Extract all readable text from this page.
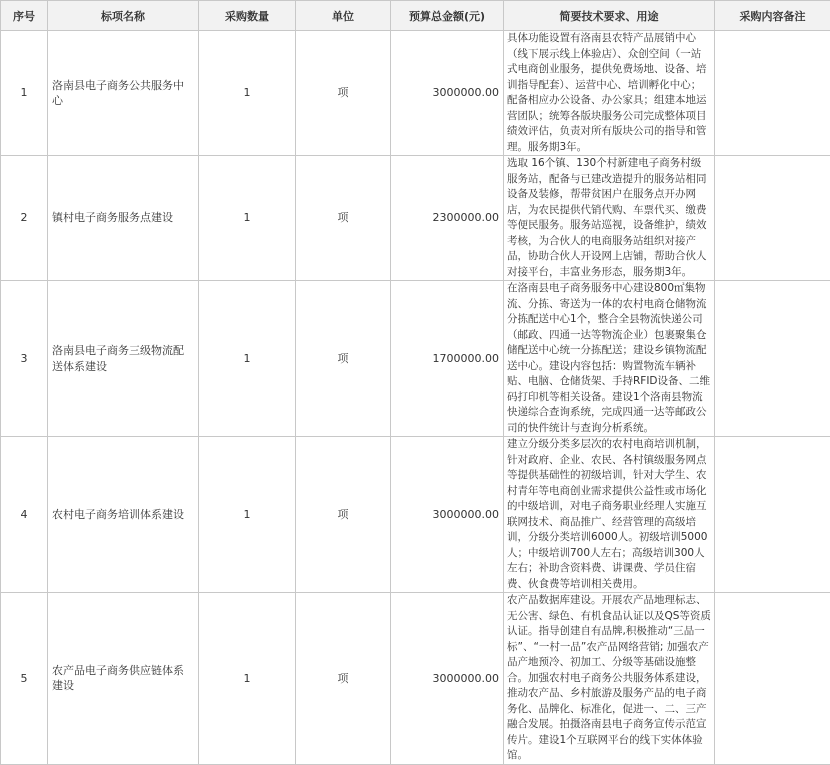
序号	标项名称	采购数量	单位	预算总金额(元)	简要技术要求、用途	采购内容备注
1	洛南县电子商务公共服务中心	1	项	3000000.00	具体功能设置有洛南县农特产品展销中心（线下展示线上体验店）、众创空间（一站式电商创业服务，提供免费场地、设备、培训指导配套）、运营中心、培训孵化中心；配备相应办公设备、办公家具；组建本地运营团队；统筹各版块服务公司完成整体项目绩效评估，负责对所有版块公司的指导和管理。服务期3年。	
2	镇村电子商务服务点建设	1	项	2300000.00	选取 16个镇、130个村新建电子商务村级服务站，配备与已建改造提升的服务站相同设备及装修，帮带贫困户在服务点开办网店，为农民提供代销代购、车票代买、缴费等便民服务。服务站巡视，设备维护，绩效考核，为合伙人的电商服务站组织对接产品，协助合伙人开设网上店铺，帮助合伙人对接平台，丰富业务形态，服务期3年。	
3	洛南县电子商务三级物流配送体系建设	1	项	1700000.00	在洛南县电子商务服务中心建设800㎡集物流、分拣、寄送为一体的农村电商仓储物流分拣配送中心1个，整合全县物流快递公司（邮政、四通一达等物流企业）包裹聚集仓储配送中心统一分拣配送；建设乡镇物流配送中心。建设内容包括：购置物流车辆补贴、电脑、仓储货架、手持RFID设备、二维码打印机等相关设备。建设1个洛南县物流快递综合查询系统，完成四通一达等邮政公司的快件统计与查询分析系统。	
4	农村电子商务培训体系建设	1	项	3000000.00	建立分级分类多层次的农村电商培训机制，针对政府、企业、农民、各村镇级服务网点等提供基础性的初级培训，针对大学生、农村青年等电商创业需求提供公益性或市场化的中级培训，对电子商务职业经理人实施互联网技术、商品推广、经营管理的高级培训，分级分类培训6000人。初级培训5000人；中级培训700人左右；高级培训300人左右；补助含资料费、讲课费、学员住宿费、伙食费等培训相关费用。	
5	农产品电子商务供应链体系建设	1	项	3000000.00	农产品数据库建设。开展农产品地理标志、无公害、绿色、有机食品认证以及QS等资质认证。指导创建自有品牌,积极推动“三品一标”、“一村一品”农产品网络营销; 加强农产品产地预冷、初加工、分级等基础设施整合。加强农村电子商务公共服务体系建设，推动农产品、乡村旅游及服务产品的电子商务化、品牌化、标准化，促进一、二、三产融合发展。拍摄洛南县电子商务宣传示范宣传片。建设1个互联网平台的线下实体体验馆。	
